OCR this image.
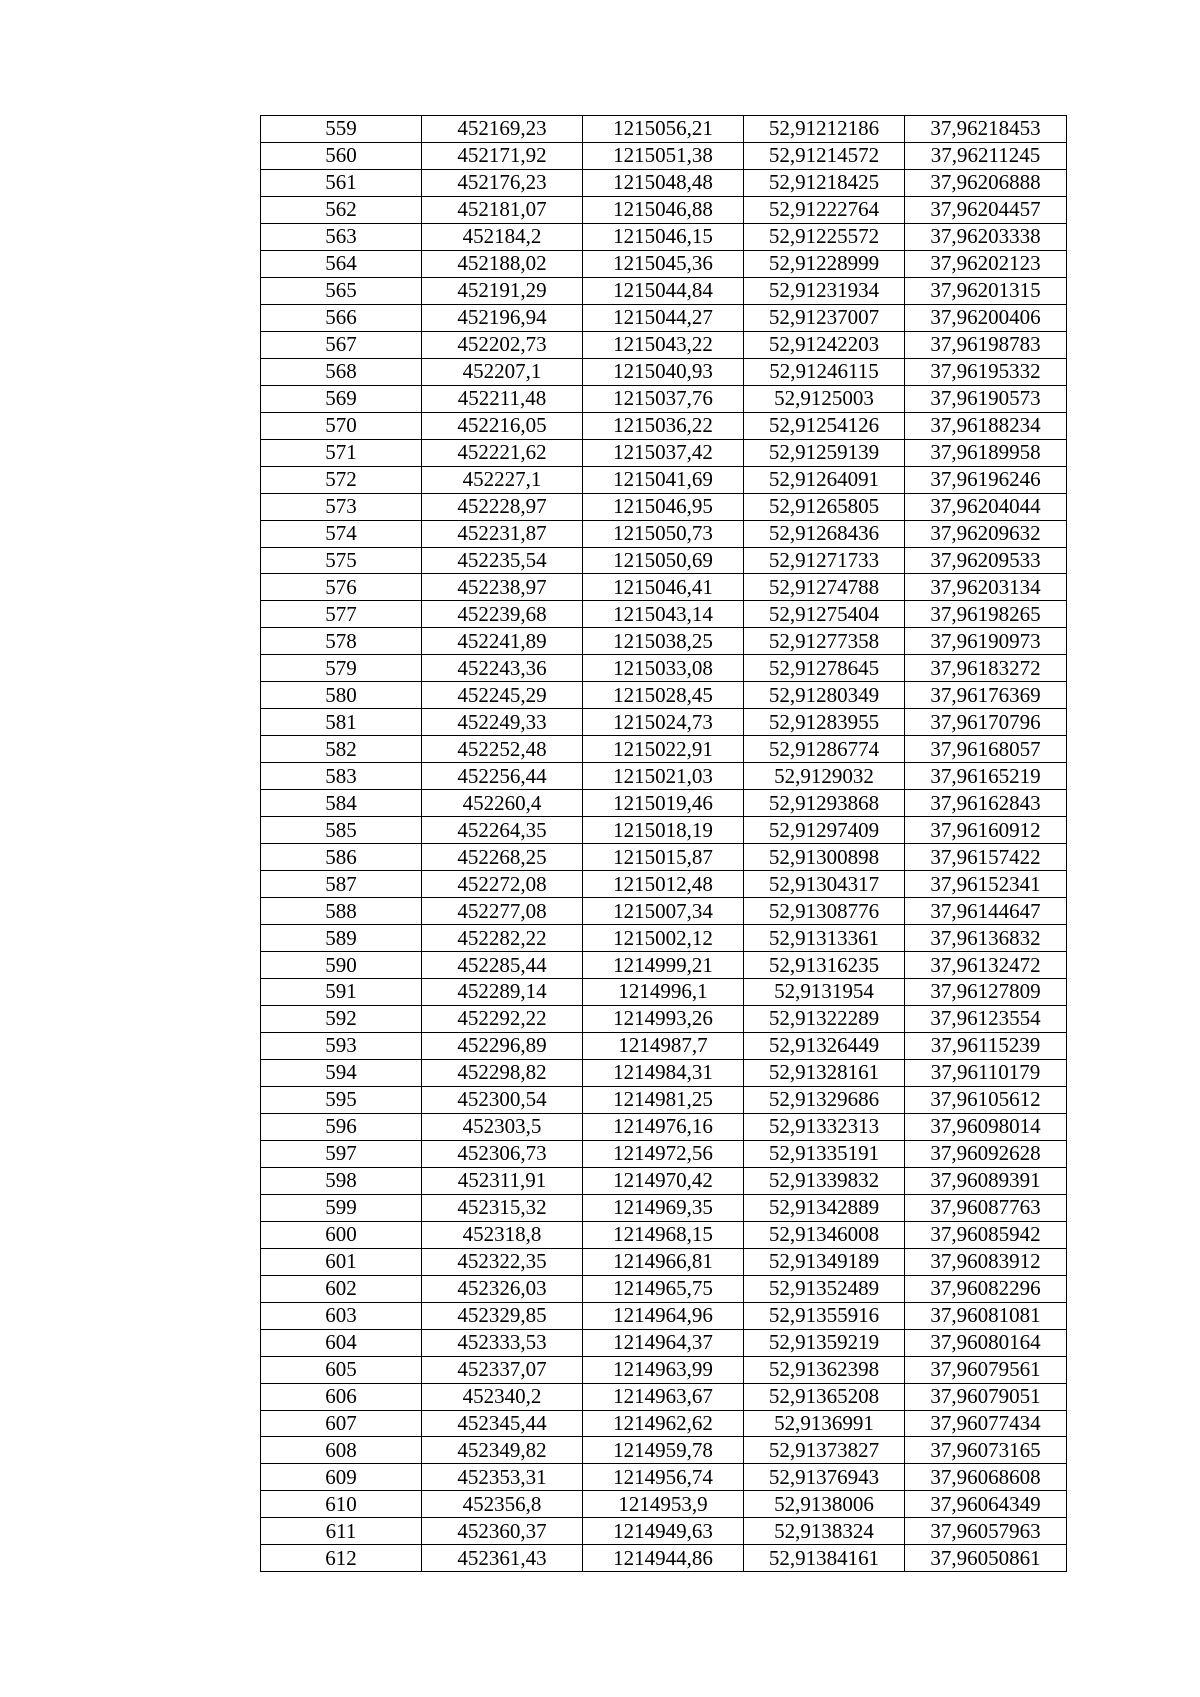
559	452169,23	1215056,21	52,91212186	37,96218453
560	452171,92	1215051,38	52,91214572	37,96211245
561	452176,23	1215048,48	52,91218425	37,96206888
562	452181,07	1215046,88	52,91222764	37,96204457
563	452184,2	1215046,15	52,91225572	37,96203338
564	452188,02	1215045,36	52,91228999	37,96202123
565	452191,29	1215044,84	52,91231934	37,96201315
566	452196,94	1215044,27	52,91237007	37,96200406
567	452202,73	1215043,22	52,91242203	37,96198783
568	452207,1	1215040,93	52,91246115	37,96195332
569	452211,48	1215037,76	52,9125003	37,96190573
570	452216,05	1215036,22	52,91254126	37,96188234
571	452221,62	1215037,42	52,91259139	37,96189958
572	452227,1	1215041,69	52,91264091	37,96196246
573	452228,97	1215046,95	52,91265805	37,96204044
574	452231,87	1215050,73	52,91268436	37,96209632
575	452235,54	1215050,69	52,91271733	37,96209533
576	452238,97	1215046,41	52,91274788	37,96203134
577	452239,68	1215043,14	52,91275404	37,96198265
578	452241,89	1215038,25	52,91277358	37,96190973
579	452243,36	1215033,08	52,91278645	37,96183272
580	452245,29	1215028,45	52,91280349	37,96176369
581	452249,33	1215024,73	52,91283955	37,96170796
582	452252,48	1215022,91	52,91286774	37,96168057
583	452256,44	1215021,03	52,9129032	37,96165219
584	452260,4	1215019,46	52,91293868	37,96162843
585	452264,35	1215018,19	52,91297409	37,96160912
586	452268,25	1215015,87	52,91300898	37,96157422
587	452272,08	1215012,48	52,91304317	37,96152341
588	452277,08	1215007,34	52,91308776	37,96144647
589	452282,22	1215002,12	52,91313361	37,96136832
590	452285,44	1214999,21	52,91316235	37,96132472
591	452289,14	1214996,1	52,9131954	37,96127809
592	452292,22	1214993,26	52,91322289	37,96123554
593	452296,89	1214987,7	52,91326449	37,96115239
594	452298,82	1214984,31	52,91328161	37,96110179
595	452300,54	1214981,25	52,91329686	37,96105612
596	452303,5	1214976,16	52,91332313	37,96098014
597	452306,73	1214972,56	52,91335191	37,96092628
598	452311,91	1214970,42	52,91339832	37,96089391
599	452315,32	1214969,35	52,91342889	37,96087763
600	452318,8	1214968,15	52,91346008	37,96085942
601	452322,35	1214966,81	52,91349189	37,96083912
602	452326,03	1214965,75	52,91352489	37,96082296
603	452329,85	1214964,96	52,91355916	37,96081081
604	452333,53	1214964,37	52,91359219	37,96080164
605	452337,07	1214963,99	52,91362398	37,96079561
606	452340,2	1214963,67	52,91365208	37,96079051
607	452345,44	1214962,62	52,9136991	37,96077434
608	452349,82	1214959,78	52,91373827	37,96073165
609	452353,31	1214956,74	52,91376943	37,96068608
610	452356,8	1214953,9	52,9138006	37,96064349
611	452360,37	1214949,63	52,9138324	37,96057963
612	452361,43	1214944,86	52,91384161	37,96050861
